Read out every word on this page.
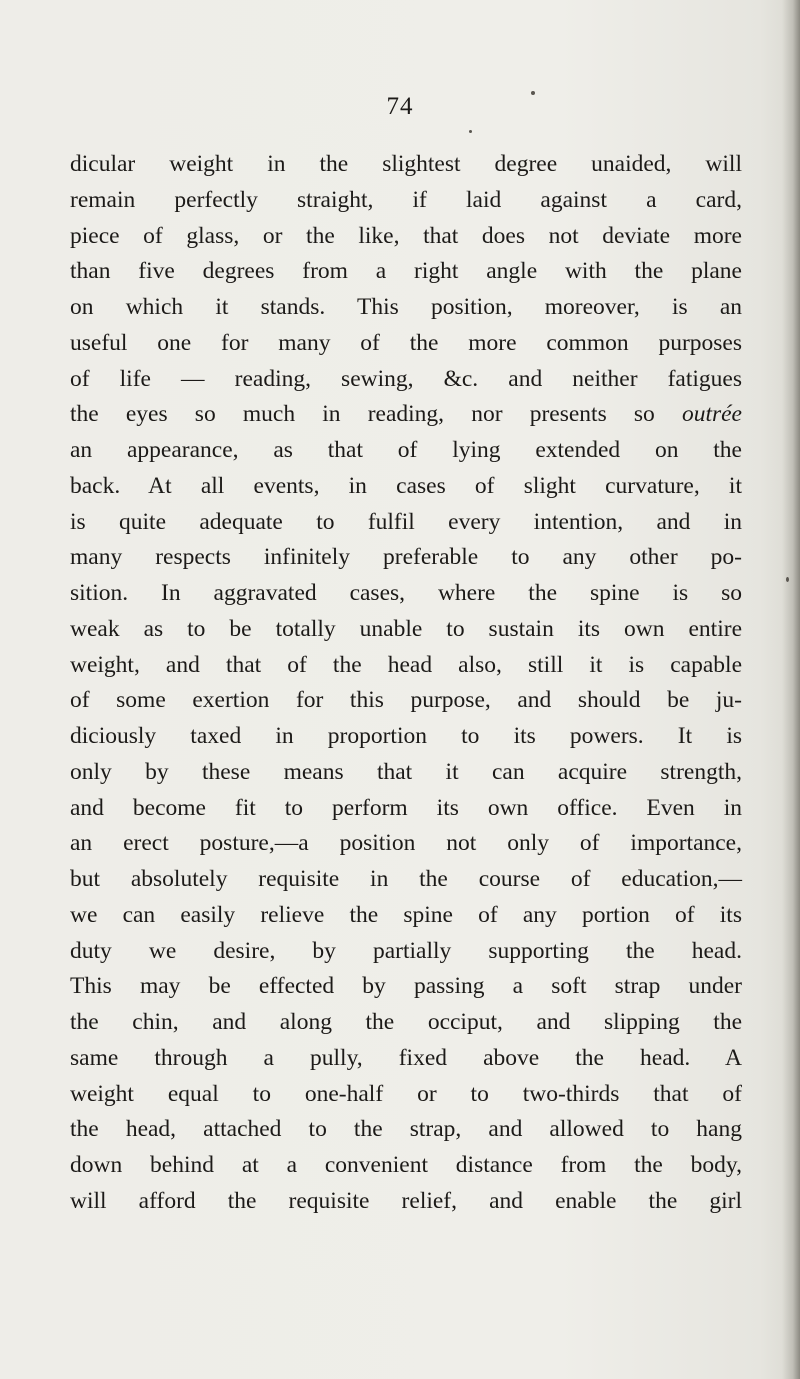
74
dicular weight in the slightest degree unaided, will
remain perfectly straight, if laid against a card,
piece of glass, or the like, that does not deviate more
than five degrees from a right angle with the plane
on which it stands. This position, moreover, is an
useful one for many of the more common purposes
of life — reading, sewing, &c. and neither fatigues
the eyes so much in reading, nor presents so outrée
an appearance, as that of lying extended on the
back. At all events, in cases of slight curvature, it
is quite adequate to fulfil every intention, and in
many respects infinitely preferable to any other po-
sition. In aggravated cases, where the spine is so
weak as to be totally unable to sustain its own entire
weight, and that of the head also, still it is capable
of some exertion for this purpose, and should be ju-
diciously taxed in proportion to its powers. It is
only by these means that it can acquire strength,
and become fit to perform its own office. Even in
an erect posture,—a position not only of importance,
but absolutely requisite in the course of education,—
we can easily relieve the spine of any portion of its
duty we desire, by partially supporting the head.
This may be effected by passing a soft strap under
the chin, and along the occiput, and slipping the
same through a pully, fixed above the head. A
weight equal to one-half or to two-thirds that of
the head, attached to the strap, and allowed to hang
down behind at a convenient distance from the body,
will afford the requisite relief, and enable the girl
